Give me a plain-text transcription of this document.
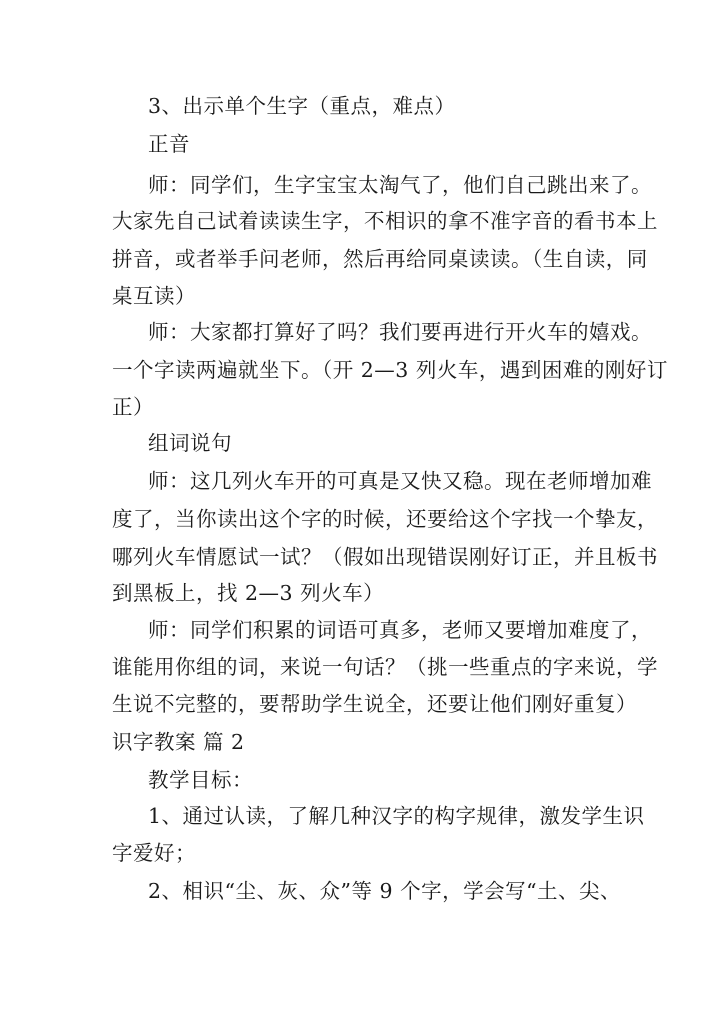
3、出示单个生字（重点，难点）
正音
师：同学们，生字宝宝太淘气了，他们自己跳出来了。
大家先自己试着读读生字，不相识的拿不准字音的看书本上
拼音，或者举手问老师，然后再给同桌读读。（生自读，同
桌互读）
师：大家都打算好了吗？我们要再进行开火车的嬉戏。
一个字读两遍就坐下。（开 2—3 列火车，遇到困难的刚好订
正）
组词说句
师：这几列火车开的可真是又快又稳。现在老师增加难
度了，当你读出这个字的时候，还要给这个字找一个挚友，
哪列火车情愿试一试？（假如出现错误刚好订正，并且板书
到黑板上，找 2—3 列火车）
师：同学们积累的词语可真多，老师又要增加难度了，
谁能用你组的词，来说一句话？（挑一些重点的字来说，学
生说不完整的，要帮助学生说全，还要让他们刚好重复）
识字教案 篇 2
教学目标：
1、通过认读，了解几种汉字的构字规律，激发学生识
字爱好；
2、相识“尘、灰、众”等 9 个字，学会写“土、尖、
